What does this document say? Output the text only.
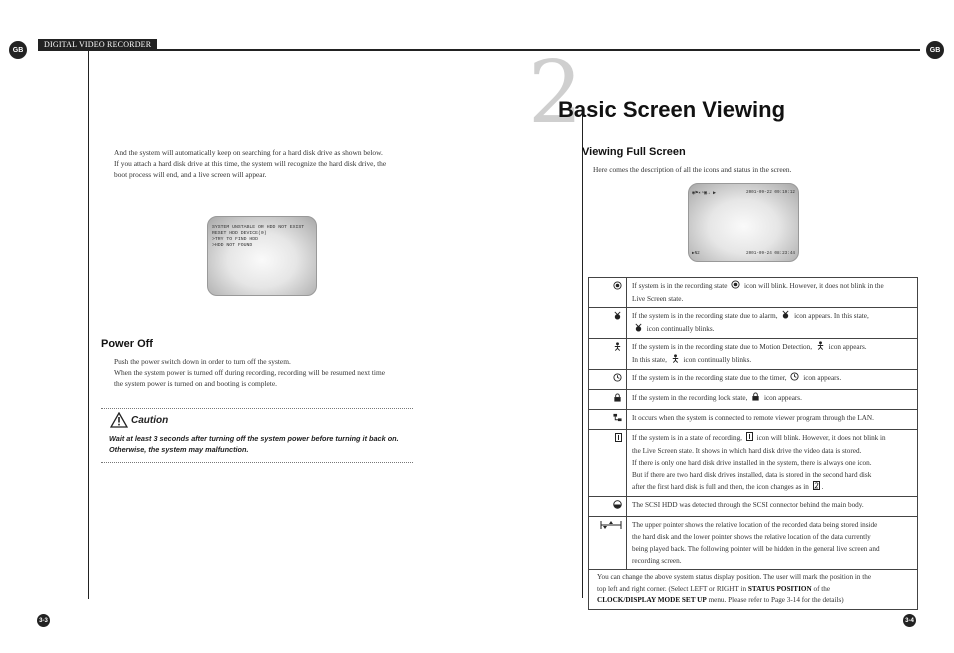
GB	GB
DIGITAL VIDEO RECORDER	2
Basic Screen Viewing
And the system will automatically keep on searching for a hard disk drive as shown below.
If you attach a hard disk drive at this time, the system will recognize the hard disk drive, the
boot process will end, and a live screen will appear.
SYSTEM UNSTABLE OR HDD NOT EXIST
RESET HDD DEVICE(0)
>TRY TO FIND HDD
>HDD NOT FOUND
Power Off
Push the power switch down in order to turn off the system.
When the system power is turned off during recording, recording will be resumed next time
the system power is turned on and booting is complete.
Caution
Wait at least 3 seconds after turning off the system power before turning it back on.
Otherwise, the system may malfunction.
3-3
Viewing Full Screen
Here comes the description of all the icons and status in the screen.
◉⚑✴◔▣→ ▶	2001-09-22 09:19:12
▶N2	2001-09-24 08:23:44

If system is in the recording state  icon will blink. However, it does not blink in the
Live Screen state.

If the system is in the recording state due to alarm,  icon appears. In this state,
icon continually blinks.

If the system is in the recording state due to Motion Detection,  icon appears.
In this state,  icon continually blinks.

If the system is in the recording state due to the timer,  icon appears.

If the system in the recording lock state,  icon appears.

It occurs when the system is connected to remote viewer program through the LAN.

If the system is in a state of recording,  icon will blink. However, it does not blink in
the Live Screen state. It shows in which hard disk drive the video data is stored.
If there is only one hard disk drive installed in the system, there is always one icon.
But if there are two hard disk drives installed, data is stored in the second hard disk
after the first hard disk is full and then, the icon changes as in .

The SCSI HDD was detected through the SCSI connector behind the main body.

The upper pointer shows the relative location of the recorded data being stored inside
the hard disk and the lower pointer shows the relative location of the data currently
being played back. The following pointer will be hidden in the general live screen and
recording screen.

You can change the above system status display position. The user will mark the position in the
top left and right corner. (Select LEFT or RIGHT in STATUS POSITION of the
CLOCK/DISPLAY MODE SET UP menu. Please refer to Page 3-14 for the details)	
3-4
